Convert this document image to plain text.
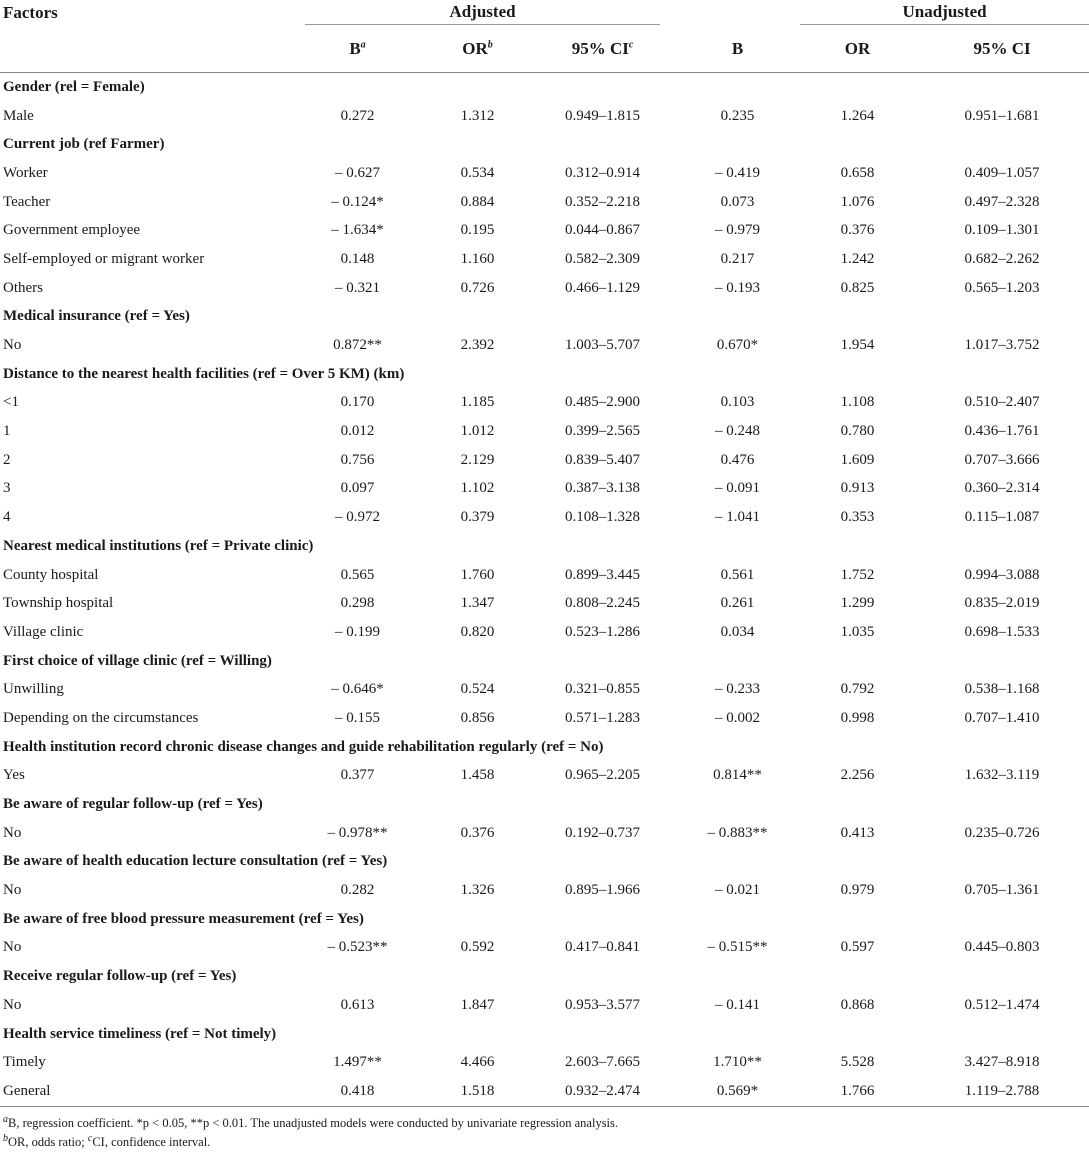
Factors	Adjusted				Unadjusted	

	$B^a$	$OR^b$	95% $CI^c$	B	OR	95% CI
Gender (rel = Female)						
Male	0.272	1.312	0.949–1.815	0.235	1.264	0.951–1.681
Current job (ref Farmer)						
Worker	– 0.627	0.534	0.312–0.914	– 0.419	0.658	0.409–1.057
Teacher	– 0.124*	0.884	0.352–2.218	0.073	1.076	0.497–2.328
Government employee	– 1.634*	0.195	0.044–0.867	– 0.979	0.376	0.109–1.301
Self-employed or migrant worker	0.148	1.160	0.582–2.309	0.217	1.242	0.682–2.262
Others	– 0.321	0.726	0.466–1.129	– 0.193	0.825	0.565–1.203
Medical insurance (ref = Yes)						
No	0.872**	2.392	1.003–5.707	0.670*	1.954	1.017–3.752
Distance to the nearest health facilities (ref = Over 5 KM) (km)						
<1	0.170	1.185	0.485–2.900	0.103	1.108	0.510–2.407
1	0.012	1.012	0.399–2.565	– 0.248	0.780	0.436–1.761
2	0.756	2.129	0.839–5.407	0.476	1.609	0.707–3.666
3	0.097	1.102	0.387–3.138	– 0.091	0.913	0.360–2.314
4	– 0.972	0.379	0.108–1.328	– 1.041	0.353	0.115–1.087
Nearest medical institutions (ref = Private clinic)						
County hospital	0.565	1.760	0.899–3.445	0.561	1.752	0.994–3.088
Township hospital	0.298	1.347	0.808–2.245	0.261	1.299	0.835–2.019
Village clinic	– 0.199	0.820	0.523–1.286	0.034	1.035	0.698–1.533
First choice of village clinic (ref = Willing)						
Unwilling	– 0.646*	0.524	0.321–0.855	– 0.233	0.792	0.538–1.168
Depending on the circumstances	– 0.155	0.856	0.571–1.283	– 0.002	0.998	0.707–1.410
Health institution record chronic disease changes and guide rehabilitation regularly (ref = No)						
Yes	0.377	1.458	0.965–2.205	0.814**	2.256	1.632–3.119
Be aware of regular follow-up (ref = Yes)						
No	– 0.978**	0.376	0.192–0.737	– 0.883**	0.413	0.235–0.726
Be aware of health education lecture consultation (ref = Yes)						
No	0.282	1.326	0.895–1.966	– 0.021	0.979	0.705–1.361
Be aware of free blood pressure measurement (ref = Yes)						
No	– 0.523**	0.592	0.417–0.841	– 0.515**	0.597	0.445–0.803
Receive regular follow-up (ref = Yes)						
No	0.613	1.847	0.953–3.577	– 0.141	0.868	0.512–1.474
Health service timeliness (ref = Not timely)						
Timely	1.497**	4.466	2.603–7.665	1.710**	5.528	3.427–8.918
General	0.418	1.518	0.932–2.474	0.569*	1.766	1.119–2.788

$^a$B, regression coefficient. *p < 0.05, **p < 0.01. The unadjusted models were conducted by univariate regression analysis.

$^b$OR, odds ratio; $^c$CI, confidence interval.
